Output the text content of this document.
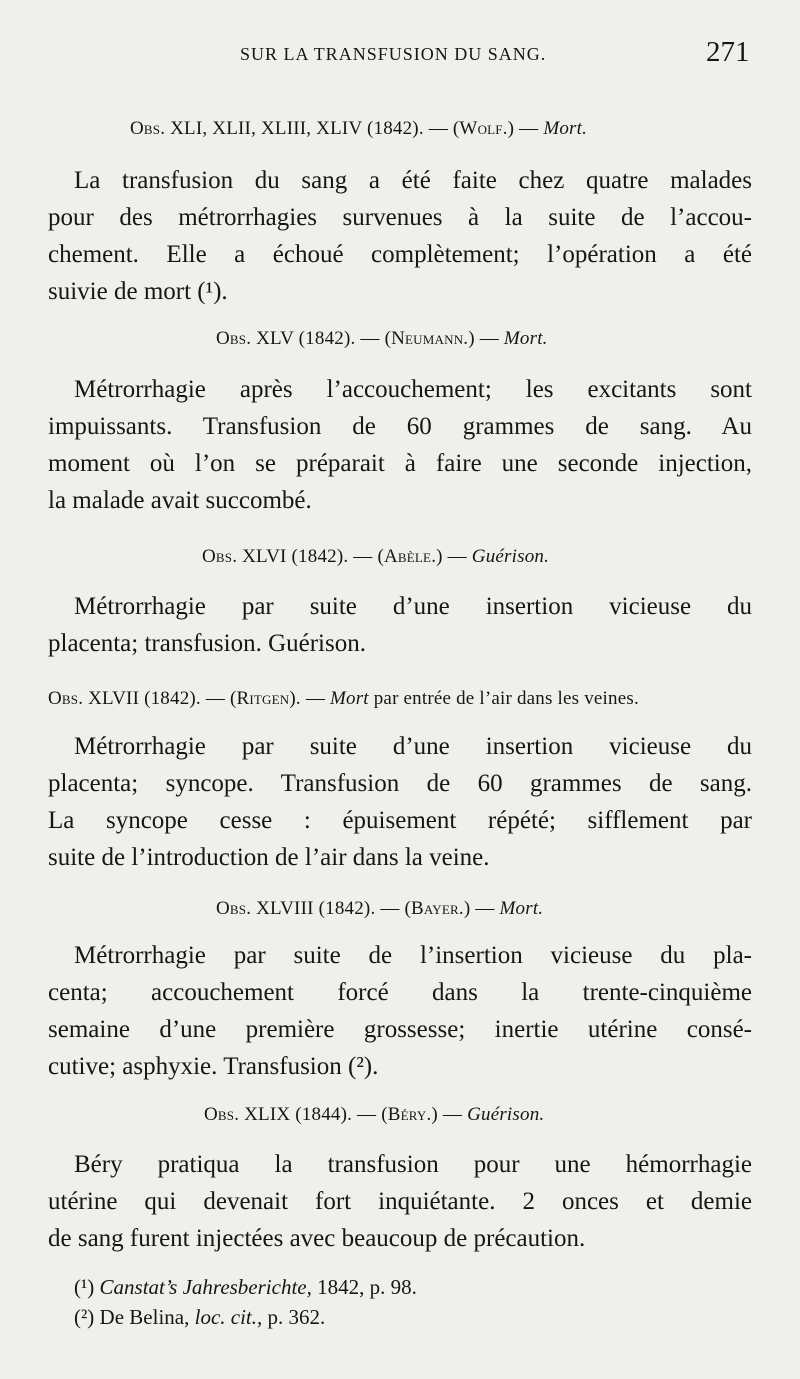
SUR LA TRANSFUSION DU SANG.	271
Obs. XLI, XLII, XLIII, XLIV (1842). — (Wolf.) — Mort.
La transfusion du sang a été faite chez quatre malades
pour des métrorrhagies survenues à la suite de l’accou-
chement. Elle a échoué complètement; l’opération a été
suivie de mort (¹).
Obs. XLV (1842). — (Neumann.) — Mort.
Métrorrhagie après l’accouchement; les excitants sont
impuissants. Transfusion de 60 grammes de sang. Au
moment où l’on se préparait à faire une seconde injection,
la malade avait succombé.
Obs. XLVI (1842). — (Abèle.) — Guérison.
Métrorrhagie par suite d’une insertion vicieuse du
placenta; transfusion. Guérison.
Obs. XLVII (1842). — (Ritgen). — Mort par entrée de l’air dans les veines.
Métrorrhagie par suite d’une insertion vicieuse du
placenta; syncope. Transfusion de 60 grammes de sang.
La syncope cesse : épuisement répété; sifflement par
suite de l’introduction de l’air dans la veine.
Obs. XLVIII (1842). — (Bayer.) — Mort.
Métrorrhagie par suite de l’insertion vicieuse du pla-
centa; accouchement forcé dans la trente-cinquième
semaine d’une première grossesse; inertie utérine consé-
cutive; asphyxie. Transfusion (²).
Obs. XLIX (1844). — (Béry.) — Guérison.
Béry pratiqua la transfusion pour une hémorrhagie
utérine qui devenait fort inquiétante. 2 onces et demie
de sang furent injectées avec beaucoup de précaution.
(¹) Canstat’s Jahresberichte, 1842, p. 98.
(²) De Belina, loc. cit., p. 362.
